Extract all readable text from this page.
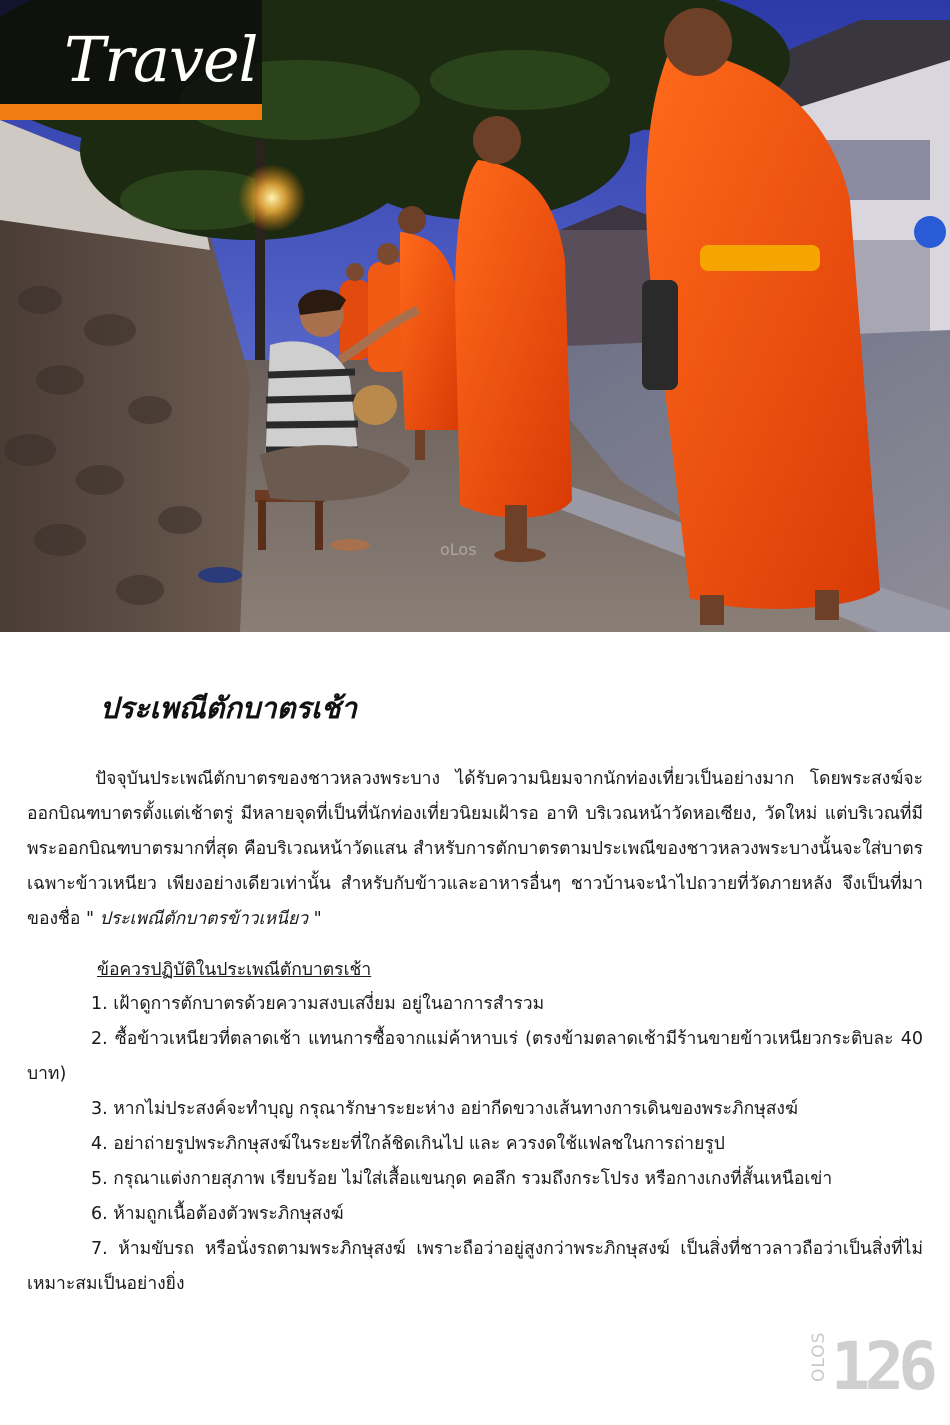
oLos
Travel
ประเพณีตักบาตรเช้า

ปัจจุบันประเพณีตักบาตรของชาวหลวงพระบาง ได้รับความนิยมจากนักท่องเที่ยวเป็นอย่างมาก โดยพระสงฆ์จะออกบิณฑบาตรตั้งแต่เช้าตรู่ มีหลายจุดที่เป็นที่นักท่องเที่ยวนิยมเฝ้ารอ อาทิ บริเวณหน้าวัดหอเซียง, วัดใหม่ แต่บริเวณที่มีพระออกบิณฑบาตรมากที่สุด คือบริเวณหน้าวัดแสน สำหรับการตักบาตรตามประเพณีของชาวหลวงพระบางนั้นจะใส่บาตร เฉพาะข้าวเหนียว เพียงอย่างเดียวเท่านั้น สำหรับกับข้าวและอาหารอื่นๆ ชาวบ้านจะนำไปถวายที่วัดภายหลัง จึงเป็นที่มาของชื่อ " ประเพณีตักบาตรข้าวเหนียว "

ข้อควรปฏิบัติในประเพณีตักบาตรเช้า
1. เฝ้าดูการตักบาตรด้วยความสงบเสงี่ยม อยู่ในอาการสำรวม
2. ซื้อข้าวเหนียวที่ตลาดเช้า แทนการซื้อจากแม่ค้าหาบเร่ (ตรงข้ามตลาดเช้ามีร้านขายข้าวเหนียวกระติบละ 40 บาท)
3. หากไม่ประสงค์จะทำบุญ กรุณารักษาระยะห่าง อย่ากีดขวางเส้นทางการเดินของพระภิกษุสงฆ์
4. อย่าถ่ายรูปพระภิกษุสงฆ์ในระยะที่ใกล้ชิดเกินไป และ ควรงดใช้แฟลชในการถ่ายรูป
5. กรุณาแต่งกายสุภาพ เรียบร้อย ไม่ใส่เสื้อแขนกุด คอลึก รวมถึงกระโปรง หรือกางเกงที่สั้นเหนือเข่า
6. ห้ามถูกเนื้อต้องตัวพระภิกษุสงฆ์
7. ห้ามขับรถ หรือนั่งรถตามพระภิกษุสงฆ์ เพราะถือว่าอยู่สูงกว่าพระภิกษุสงฆ์ เป็นสิ่งที่ชาวลาวถือว่าเป็นสิ่งที่ไม่เหมาะสมเป็นอย่างยิ่ง
OLOS 126
